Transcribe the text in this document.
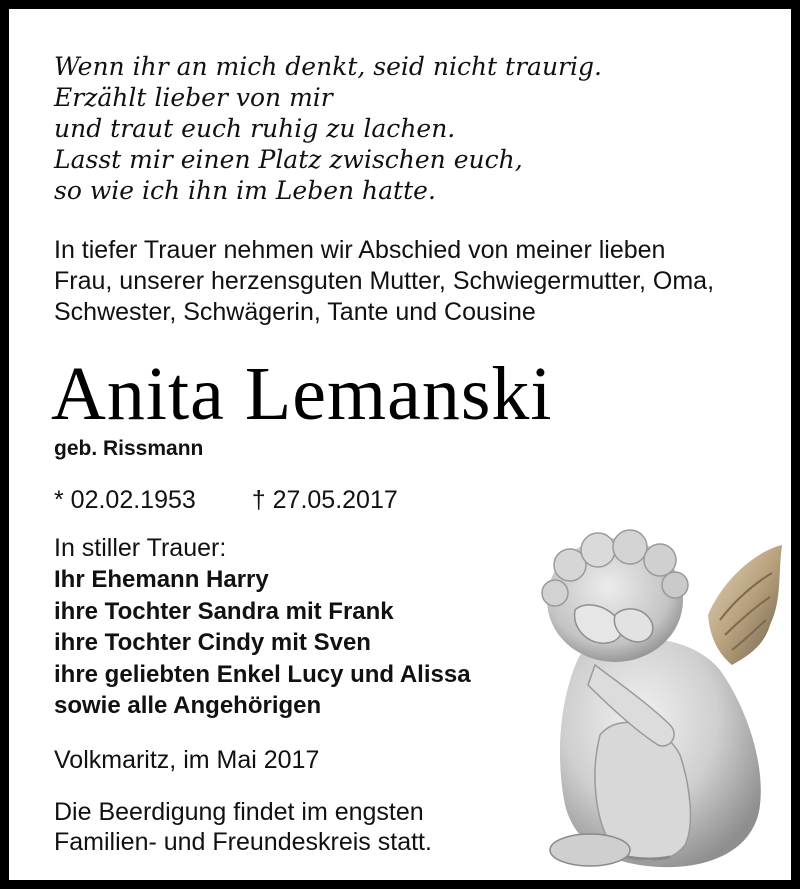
Wenn ihr an mich denkt, seid nicht traurig.
Erzählt lieber von mir
und traut euch ruhig zu lachen.
Lasst mir einen Platz zwischen euch,
so wie ich ihn im Leben hatte.
In tiefer Trauer nehmen wir Abschied von meiner lieben
Frau, unserer herzensguten Mutter, Schwiegermutter, Oma,
Schwester, Schwägerin, Tante und Cousine
Anita Lemanski
geb. Rissmann
* 02.02.1953 † 27.05.2017
In stiller Trauer:
Ihr Ehemann Harry
ihre Tochter Sandra mit Frank
ihre Tochter Cindy mit Sven
ihre geliebten Enkel Lucy und Alissa
sowie alle Angehörigen
Volkmaritz, im Mai 2017
Die Beerdigung findet im engsten
Familien- und Freundeskreis statt.
